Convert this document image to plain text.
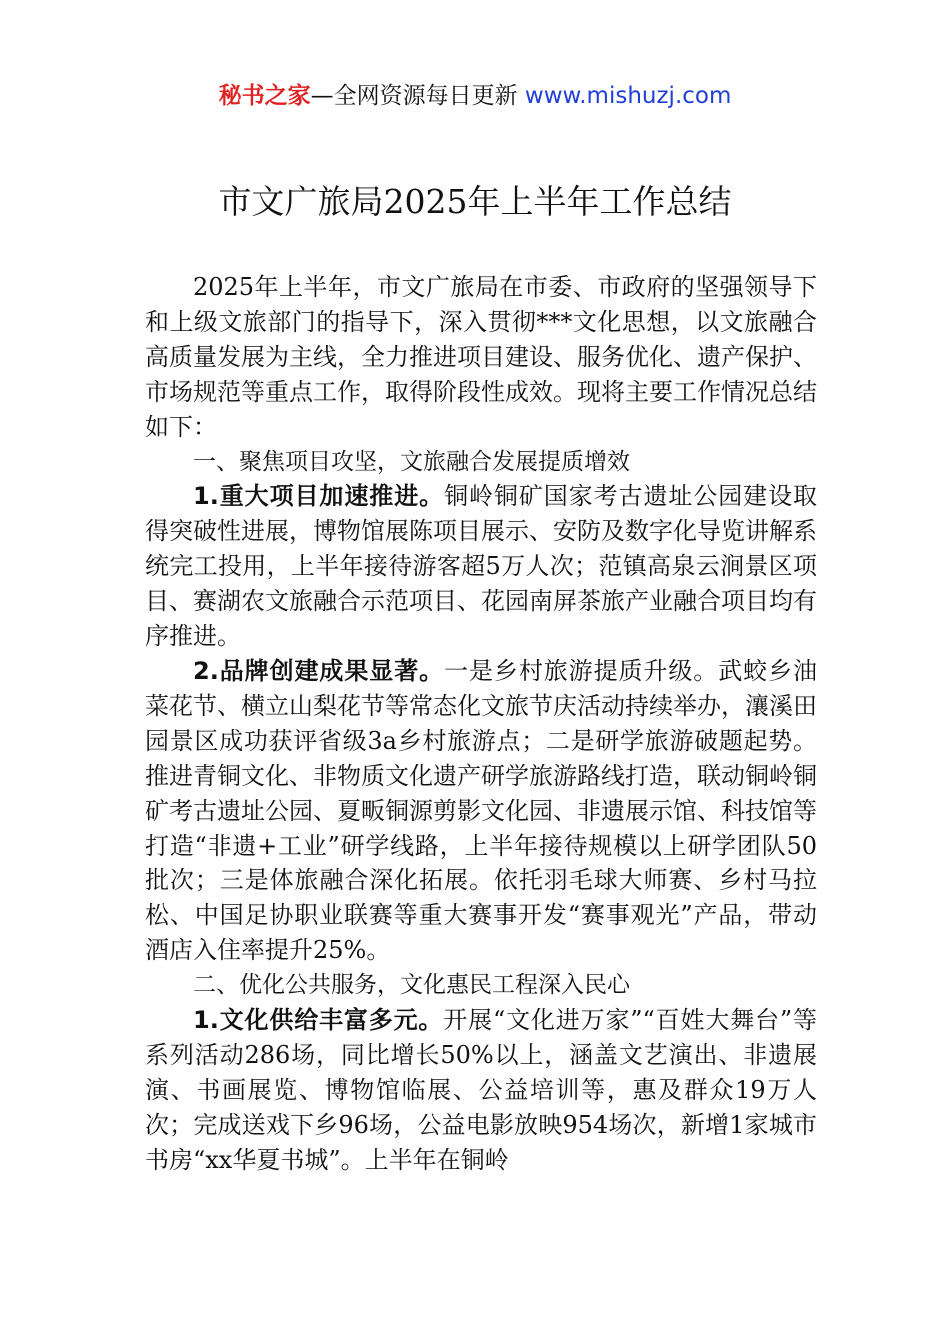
秘书之家—全网资源每日更新 www.mishuzj.com
市文广旅局2025年上半年工作总结

2025年上半年，市文广旅局在市委、市政府的坚强领导下和上级文旅部门的指导下，深入贯彻***文化思想，以文旅融合高质量发展为主线，全力推进项目建设、服务优化、遗产保护、市场规范等重点工作，取得阶段性成效。现将主要工作情况总结如下：

一、聚焦项目攻坚，文旅融合发展提质增效

1.重大项目加速推进。铜岭铜矿国家考古遗址公园建设取得突破性进展，博物馆展陈项目展示、安防及数字化导览讲解系统完工投用，上半年接待游客超5万人次；范镇高泉云涧景区项目、赛湖农文旅融合示范项目、花园南屏茶旅产业融合项目均有序推进。

2.品牌创建成果显著。一是乡村旅游提质升级。武蛟乡油菜花节、横立山梨花节等常态化文旅节庆活动持续举办，瀼溪田园景区成功获评省级3a乡村旅游点；二是研学旅游破题起势。推进青铜文化、非物质文化遗产研学旅游路线打造，联动铜岭铜矿考古遗址公园、夏畈铜源剪影文化园、非遗展示馆、科技馆等打造“非遗+工业”研学线路，上半年接待规模以上研学团队50批次；三是体旅融合深化拓展。依托羽毛球大师赛、乡村马拉松、中国足协职业联赛等重大赛事开发“赛事观光”产品，带动酒店入住率提升25%。

二、优化公共服务，文化惠民工程深入民心

1.文化供给丰富多元。开展“文化进万家”“百姓大舞台”等系列活动286场，同比增长50%以上，涵盖文艺演出、非遗展演、书画展览、博物馆临展、公益培训等，惠及群众19万人次；完成送戏下乡96场，公益电影放映954场次，新增1家城市书房“xx华夏书城”。上半年在铜岭
